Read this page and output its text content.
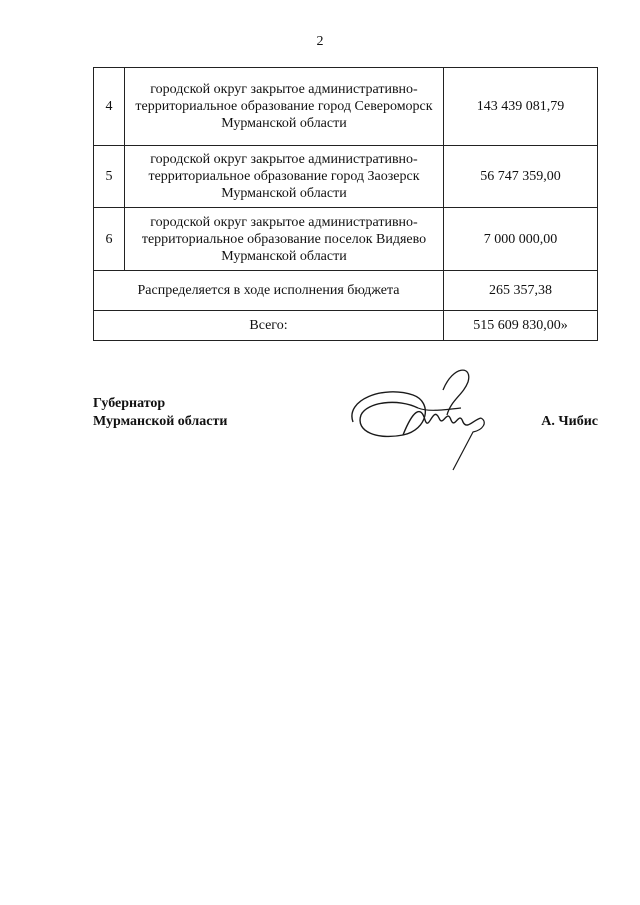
2
4	городской округ закрытое административно-территориальное образование город Североморск Мурманской области	143 439 081,79
5	городской округ закрытое административно-территориальное образование город Заозерск Мурманской области	56 747 359,00
6	городской округ закрытое административно-территориальное образование поселок Видяево Мурманской области	7 000 000,00
Распределяется в ходе исполнения бюджета		265 357,38
Всего:		515 609 830,00»
Губернатор
Мурманской области	А. Чибис
